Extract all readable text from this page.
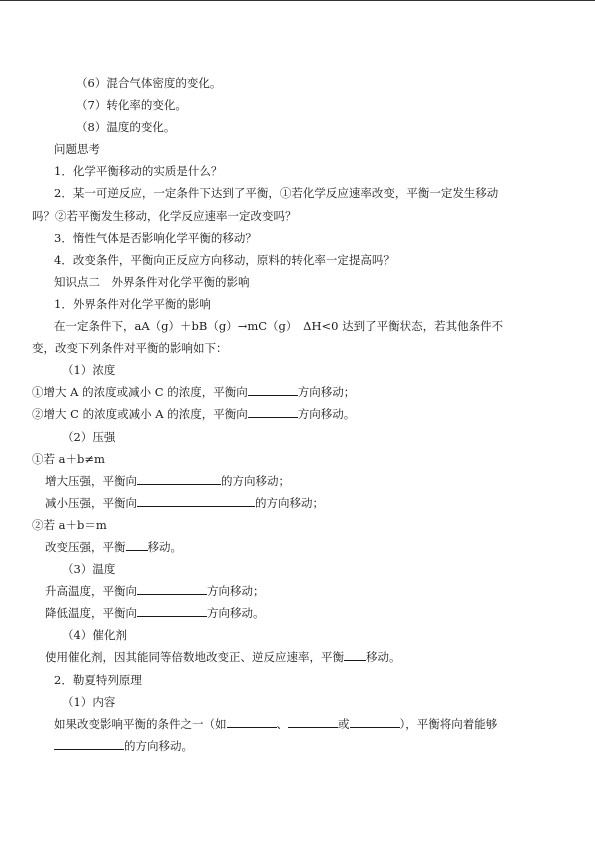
（6）混合气体密度的变化。
（7）转化率的变化。
（8）温度的变化。
问题思考
1．化学平衡移动的实质是什么？
2．某一可逆反应，一定条件下达到了平衡，①若化学反应速率改变，平衡一定发生移动
吗？②若平衡发生移动，化学反应速率一定改变吗？
3．惰性气体是否影响化学平衡的移动？
4．改变条件，平衡向正反应方向移动，原料的转化率一定提高吗？
知识点二　外界条件对化学平衡的影响
1．外界条件对化学平衡的影响
在一定条件下，aA（g）＋bB（g）→mC（g）　ΔH<0 达到了平衡状态，若其他条件不
变，改变下列条件对平衡的影响如下：
（1）浓度
①增大 A 的浓度或减小 C 的浓度，平衡向	方向移动；
②增大 C 的浓度或减小 A 的浓度，平衡向	方向移动。
（2）压强
①若 a＋b≠m
增大压强，平衡向	的方向移动；
减小压强，平衡向	的方向移动；
②若 a＋b＝m
改变压强，平衡 移动。
（3）温度
升高温度，平衡向	方向移动；
降低温度，平衡向	方向移动。
（4）催化剂
使用催化剂，因其能同等倍数地改变正、逆反应速率，平衡 移动。
2．勒夏特列原理
（1）内容
如果改变影响平衡的条件之一（如	、	或	），平衡将向着能够
的方向移动。
